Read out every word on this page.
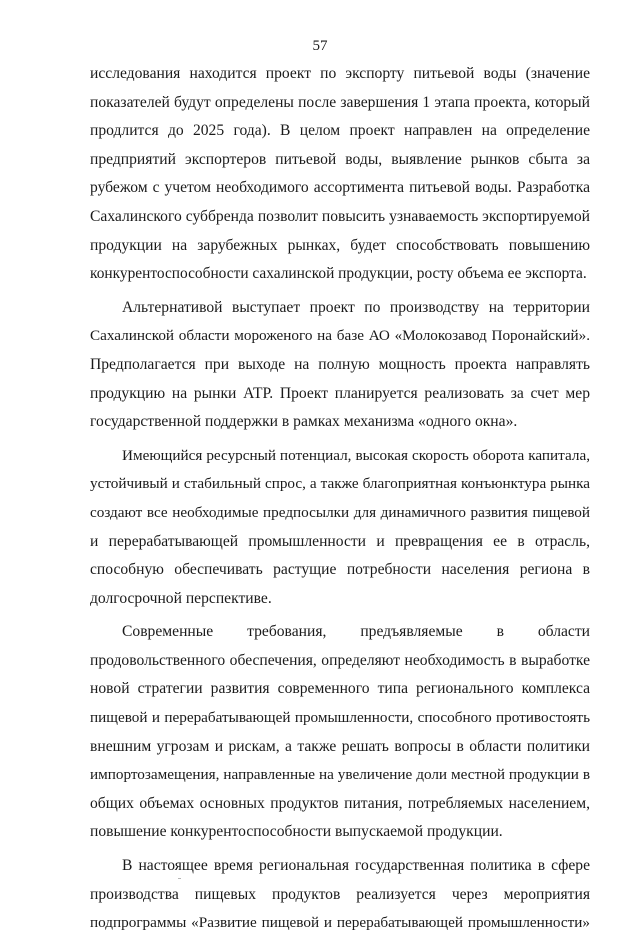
57
исследования находится проект по экспорту питьевой воды (значение
показателей будут определены после завершения 1 этапа проекта, который
продлится до 2025 года). В целом проект направлен на определение
предприятий экспортеров питьевой воды, выявление рынков сбыта за
рубежом с учетом необходимого ассортимента питьевой воды. Разработка
Сахалинского суббренда позволит повысить узнаваемость экспортируемой
продукции на зарубежных рынках, будет способствовать повышению
конкурентоспособности сахалинской продукции, росту объема ее экспорта.
Альтернативой выступает проект по производству на территории
Сахалинской области мороженого на базе АО «Молокозавод Поронайский».
Предполагается при выходе на полную мощность проекта направлять
продукцию на рынки АТР. Проект планируется реализовать за счет мер
государственной поддержки в рамках механизма «одного окна».
Имеющийся ресурсный потенциал, высокая скорость оборота капитала,
устойчивый и стабильный спрос, а также благоприятная конъюнктура рынка
создают все необходимые предпосылки для динамичного развития пищевой
и перерабатывающей промышленности и превращения ее в отрасль,
способную обеспечивать растущие потребности населения региона в
долгосрочной перспективе.
Современные требования, предъявляемые в области
продовольственного обеспечения, определяют необходимость в выработке
новой стратегии развития современного типа регионального комплекса
пищевой и перерабатывающей промышленности, способного противостоять
внешним угрозам и рискам, а также решать вопросы в области политики
импортозамещения, направленные на увеличение доли местной продукции в
общих объемах основных продуктов питания, потребляемых населением,
повышение конкурентоспособности выпускаемой продукции.
В настоящее время региональная государственная политика в сфере
производства пищевых продуктов реализуется через мероприятия
подпрограммы «Развитие пищевой и перерабатывающей промышленности»
